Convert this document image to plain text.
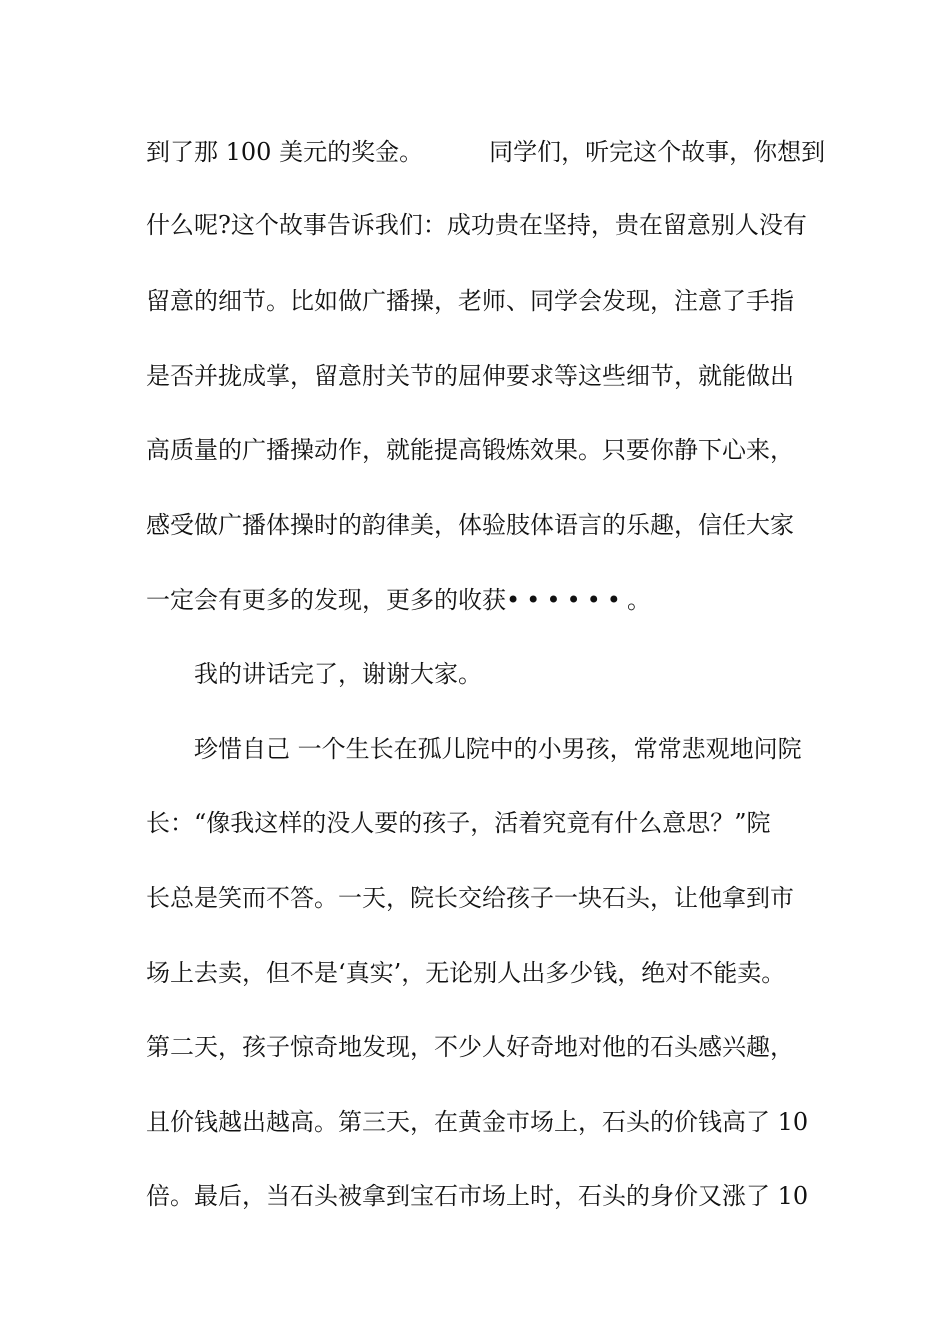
到了那 100 美元的奖金。	同学们，听完这个故事，你想到
什么呢?这个故事告诉我们：成功贵在坚持，贵在留意别人没有
留意的细节。比如做广播操，老师、同学会发现，注意了手指
是否并拢成掌，留意肘关节的屈伸要求等这些细节，就能做出
高质量的广播操动作，就能提高锻炼效果。只要你静下心来，
感受做广播体操时的韵律美，体验肢体语言的乐趣，信任大家
一定会有更多的发现，更多的收获••••••。
我的讲话完了，谢谢大家。
珍惜自己 一个生长在孤儿院中的小男孩，常常悲观地问院
长：“像我这样的没人要的孩子，活着究竟有什么意思？”院
长总是笑而不答。一天，院长交给孩子一块石头，让他拿到市
场上去卖，但不是‘真实’，无论别人出多少钱，绝对不能卖。
第二天，孩子惊奇地发现，不少人好奇地对他的石头感兴趣，
且价钱越出越高。第三天，在黄金市场上，石头的价钱高了 10
倍。最后，当石头被拿到宝石市场上时，石头的身价又涨了 10
